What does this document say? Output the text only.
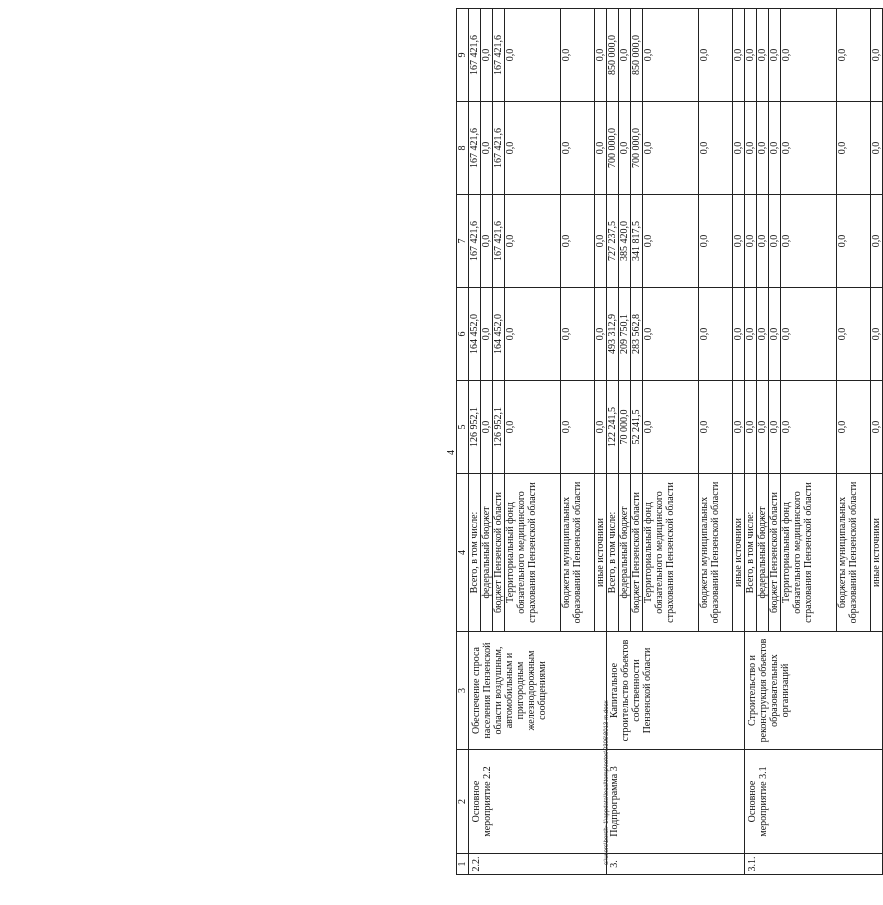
4
1	2	3	4	5	6	7	8	9
2.2.	Основное мероприятие 2.2	Обеспечение спроса населения Пензенской области воздушным, автомобильным и пригородным железнодорожным сообщениями	Всего, в том числе:	126 952,1	164 452,0	167 421,6	167 421,6	167 421,6
			федеральный бюджет	0,0	0,0	0,0	0,0	0,0
			бюджет Пензенской области	126 952,1	164 452,0	167 421,6	167 421,6	167 421,6
			Территориальный фонд обязательного медицинского страхования Пензенской области	0,0	0,0	0,0	0,0	0,0
			бюджеты муниципальных образований Пензенской области	0,0	0,0	0,0	0,0	0,0
			иные источники	0,0	0,0	0,0	0,0	0,0
3.	Подпрограмма 3	Капитальное строительство объектов собственности Пензенской области	Всего, в том числе:	122 241,5	493 312,9	727 237,5	700 000,0	850 000,0
			федеральный бюджет	70 000,0	209 750,1	385 420,0	0,0	0,0
			бюджет Пензенской области	52 241,5	283 562,8	341 817,5	700 000,0	850 000,0
			Территориальный фонд обязательного медицинского страхования Пензенской области	0,0	0,0	0,0	0,0	0,0
			бюджеты муниципальных образований Пензенской области	0,0	0,0	0,0	0,0	0,0
			иные источники	0,0	0,0	0,0	0,0	0,0
3.1.	Основное мероприятие 3.1	Строительство и реконструкция объектов образовательных организаций	Всего, в том числе:	0,0	0,0	0,0	0,0	0,0
			федеральный бюджет	0,0	0,0	0,0	0,0	0,0
			бюджет Пензенской области	0,0	0,0	0,0	0,0	0,0
			Территориальный фонд обязательного медицинского страхования Пензенской области	0,0	0,0	0,0	0,0	0,0
			бюджеты муниципальных образований Пензенской области	0,0	0,0	0,0	0,0	0,0
			иные источники	0,0	0,0	0,0	0,0	0,0
c:\users\borsh~1\appdata\local\temp\notes\0306\8013-m.docx
